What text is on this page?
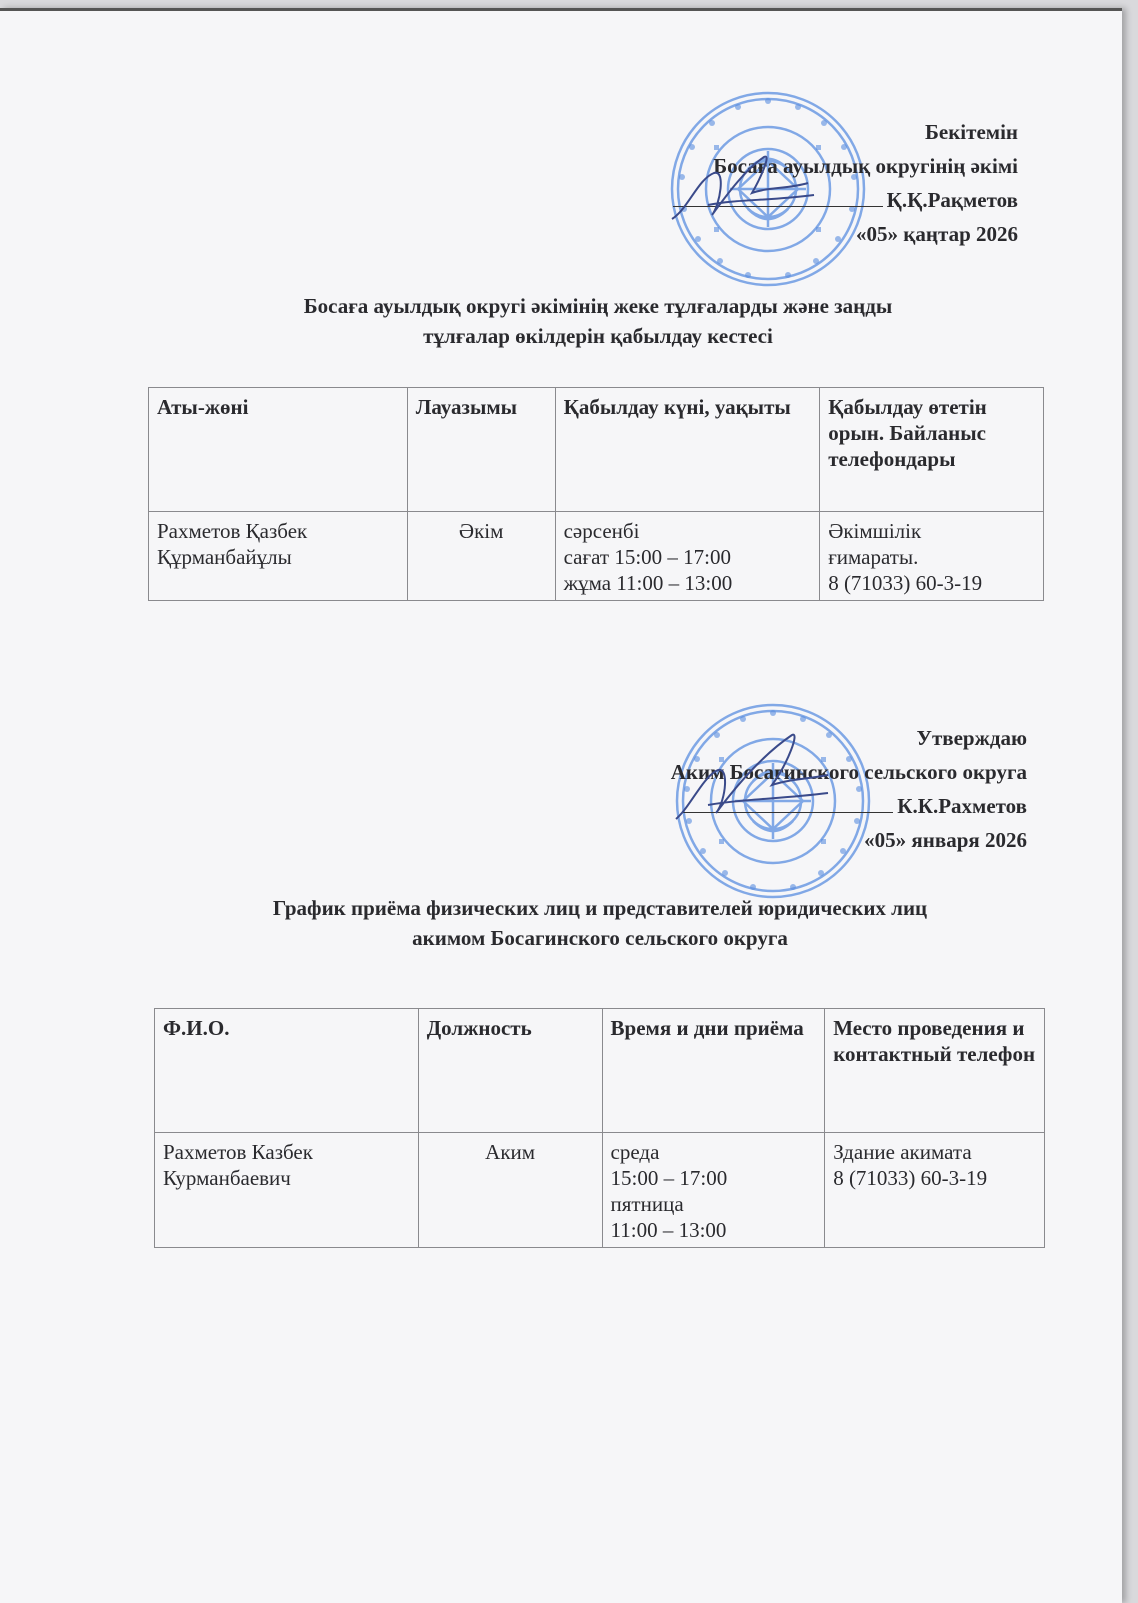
Бекітемін
Босаға ауылдық округінің әкімі
Қ.Қ.Рақметов
«05» қаңтар 2026
Босаға ауылдық округі әкімінің жеке тұлғаларды және заңды
тұлғалар өкілдерін қабылдау кестесі
Аты-жөні	Лауазымы	Қабылдау күні, уақыты	Қабылдау өтетін орын. Байланыс телефондары

Рахметов Қазбек
Құрманбайұлы	Әкім	сәрсенбі
сағат 15:00 – 17:00
жұма 11:00 – 13:00	Әкімшілік
ғимараты.
8 (71033) 60-3-19
Утверждаю
Аким Босагинского сельского округа
К.К.Рахметов
«05» января 2026
График приёма физических лиц и представителей юридических лиц
акимом Босагинского сельского округа
Ф.И.О.	Должность	Время и дни приёма	Место проведения и контактный телефон

Рахметов Казбек
Курманбаевич	Аким	среда
15:00 – 17:00
пятница
11:00 – 13:00	Здание акимата
8 (71033) 60-3-19
